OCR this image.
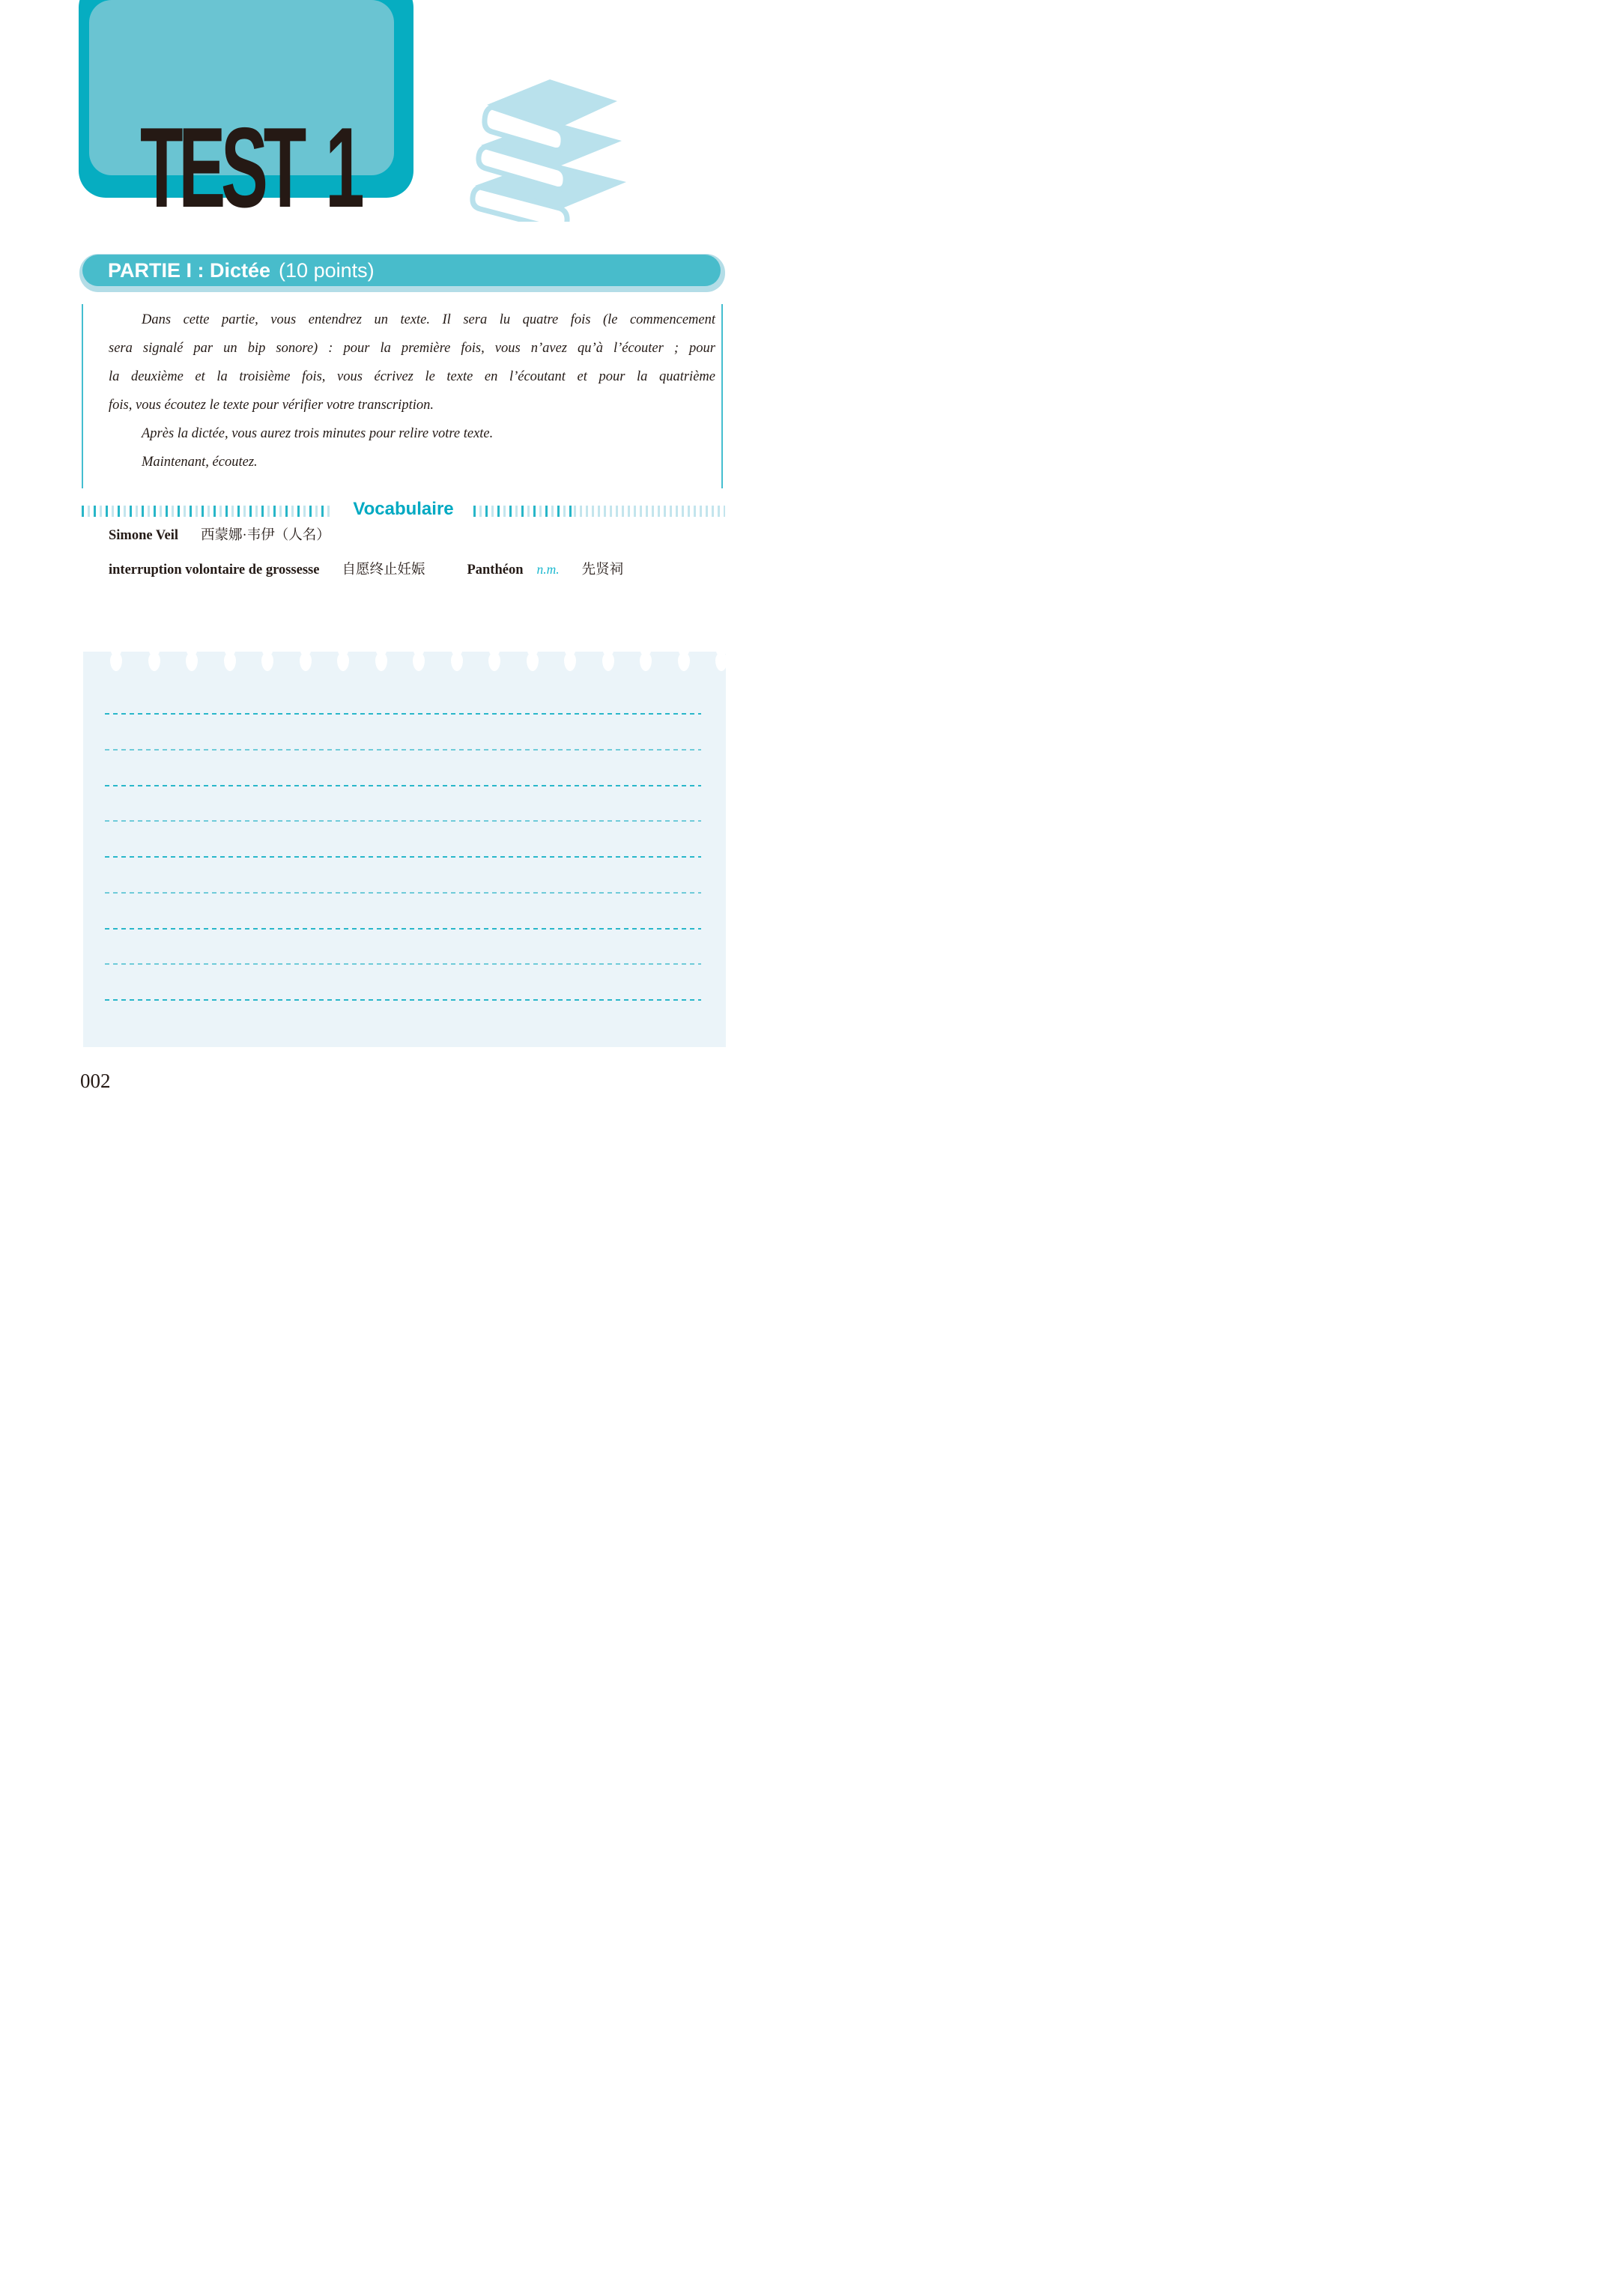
TEST 1
PARTIE I : Dictée (10 points)
Dans cette partie, vous entendrez un texte. Il sera lu quatre fois (le commencement
sera signalé par un bip sonore) : pour la première fois, vous n’avez qu’à l’écouter ; pour
la deuxième et la troisième fois, vous écrivez le texte en l’écoutant et pour la quatrième
fois, vous écoutez le texte pour vérifier votre transcription.
Après la dictée, vous aurez trois minutes pour relire votre texte.
Maintenant, écoutez.
Vocabulaire
Simone Veil 西蒙娜·韦伊（人名）
interruption volontaire de grossesse 自愿终止妊娠	Panthéon n.m. 先贤祠
002
